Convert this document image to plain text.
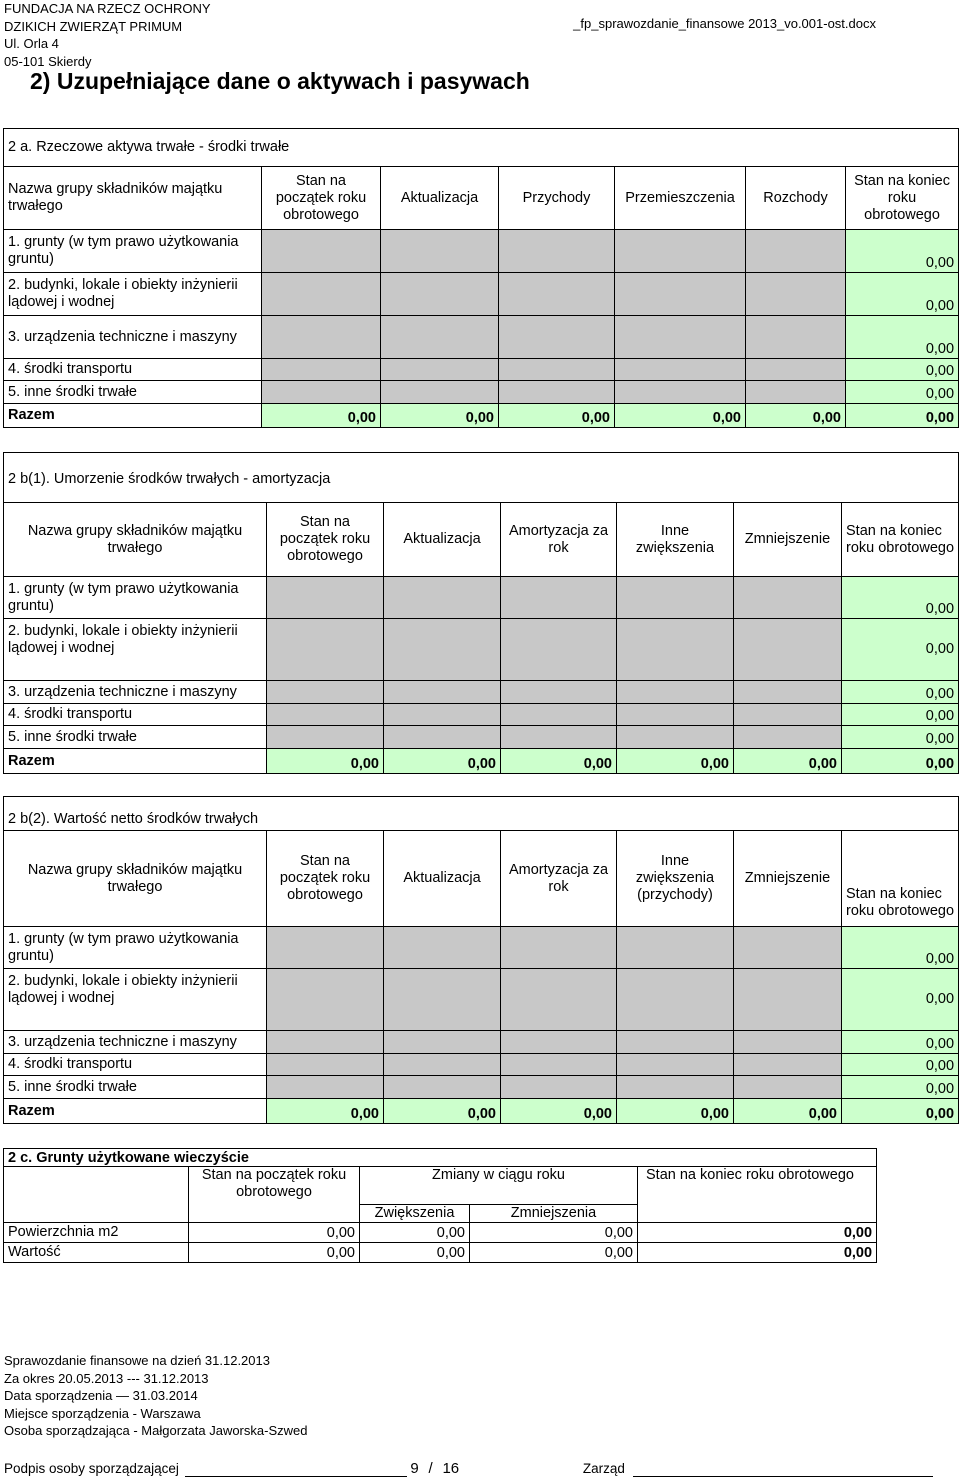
FUNDACJA NA RZECZ OCHRONY
DZIKICH ZWIERZĄT PRIMUM
Ul. Orla 4
05-101 Skierdy
_fp_sprawozdanie_finansowe 2013_vo.001-ost.docx
2) Uzupełniające dane o aktywach i pasywach
2 a. Rzeczowe aktywa trwałe - środki trwałe						
Nazwa grupy składników majątku trwałego	Stan na początek roku obrotowego	Aktualizacja	Przychody	Przemieszczenia	Rozchody	Stan na koniec roku obrotowego
1. grunty (w tym prawo użytkowania gruntu)						0,00
2. budynki, lokale i obiekty inżynierii lądowej i wodnej						0,00
3. urządzenia techniczne i maszyny						0,00
4. środki transportu						0,00
5. inne środki trwałe						0,00
Razem	0,00	0,00	0,00	0,00	0,00	0,00
2 b(1). Umorzenie środków trwałych - amortyzacja						
Nazwa grupy składników majątku trwałego	Stan na początek roku obrotowego	Aktualizacja	Amortyzacja za rok	Inne zwiększenia	Zmniejszenie	Stan na koniec roku obrotowego
1. grunty (w tym prawo użytkowania gruntu)						0,00
2. budynki, lokale i obiekty inżynierii lądowej i wodnej						0,00
3. urządzenia techniczne i maszyny						0,00
4. środki transportu						0,00
5. inne środki trwałe						0,00
Razem	0,00	0,00	0,00	0,00	0,00	0,00
2 b(2). Wartość netto środków trwałych						
Nazwa grupy składników majątku trwałego	Stan na początek roku obrotowego	Aktualizacja	Amortyzacja za rok	Inne zwiększenia (przychody)	Zmniejszenie	Stan na koniec roku obrotowego
1. grunty (w tym prawo użytkowania gruntu)						0,00
2. budynki, lokale i obiekty inżynierii lądowej i wodnej						0,00
3. urządzenia techniczne i maszyny						0,00
4. środki transportu						0,00
5. inne środki trwałe						0,00
Razem	0,00	0,00	0,00	0,00	0,00	0,00
2 c. Grunty użytkowane wieczyście				
	Stan na początek roku obrotowego	Zmiany w ciągu roku		Stan na koniec roku obrotowego
		Zwiększenia	Zmniejszenia	
Powierzchnia m2	0,00	0,00	0,00	0,00
Wartość	0,00	0,00	0,00	0,00
Sprawozdanie finansowe na dzień 31.12.2013
Za okres 20.05.2013 --- 31.12.2013
Data sporządzenia — 31.03.2014
Miejsce sporządzenia - Warszawa
Osoba sporządzająca - Małgorzata Jaworska-Szwed
Podpis osoby sporządzającej	9 / 16	Zarząd
